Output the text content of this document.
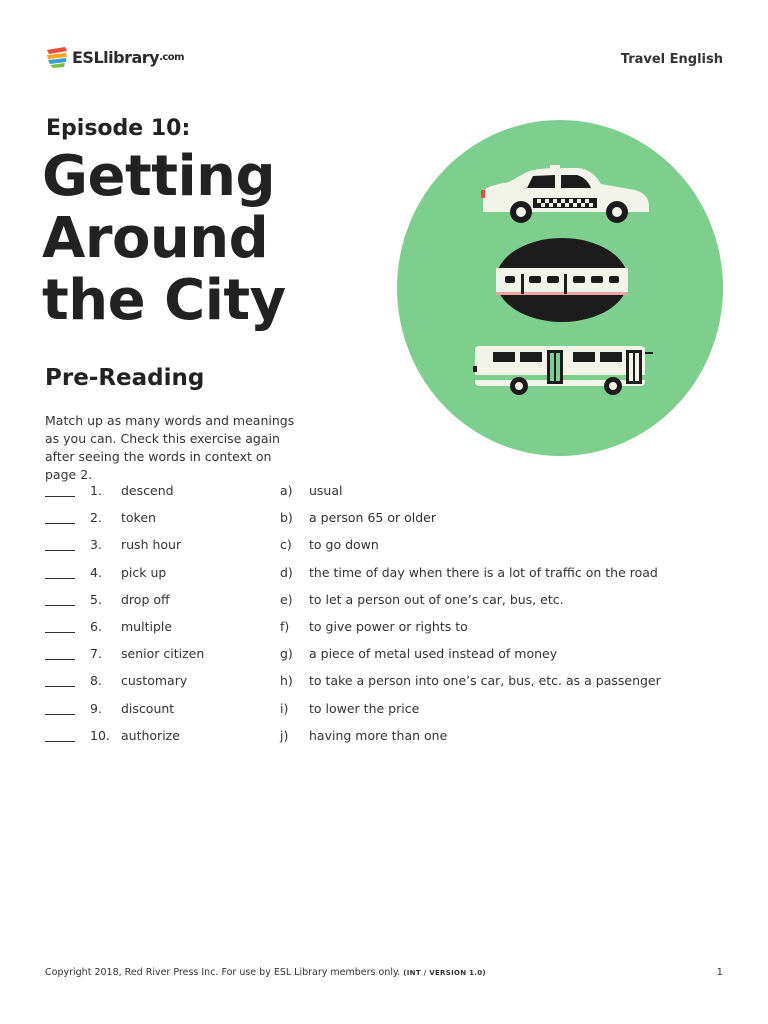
ESLlibrary .com	Travel English
Episode 10:
Getting
Around
the City
Pre-Reading
Match up as many words and meanings as you can. Check this exercise again after seeing the words in context on page 2.
1. descend	a) usual
2. token	b) a person 65 or older
3. rush hour	c) to go down
4. pick up	d) the time of day when there is a lot of traffic on the road
5. drop off	e) to let a person out of one’s car, bus, etc.
6. multiple	f) to give power or rights to
7. senior citizen	g) a piece of metal used instead of money
8. customary	h) to take a person into one’s car, bus, etc. as a passenger
9. discount	i) to lower the price
10. authorize	j) having more than one
Copyright 2018, Red River Press Inc. For use by ESL Library members only. (INT / VERSION 1.0)	1
